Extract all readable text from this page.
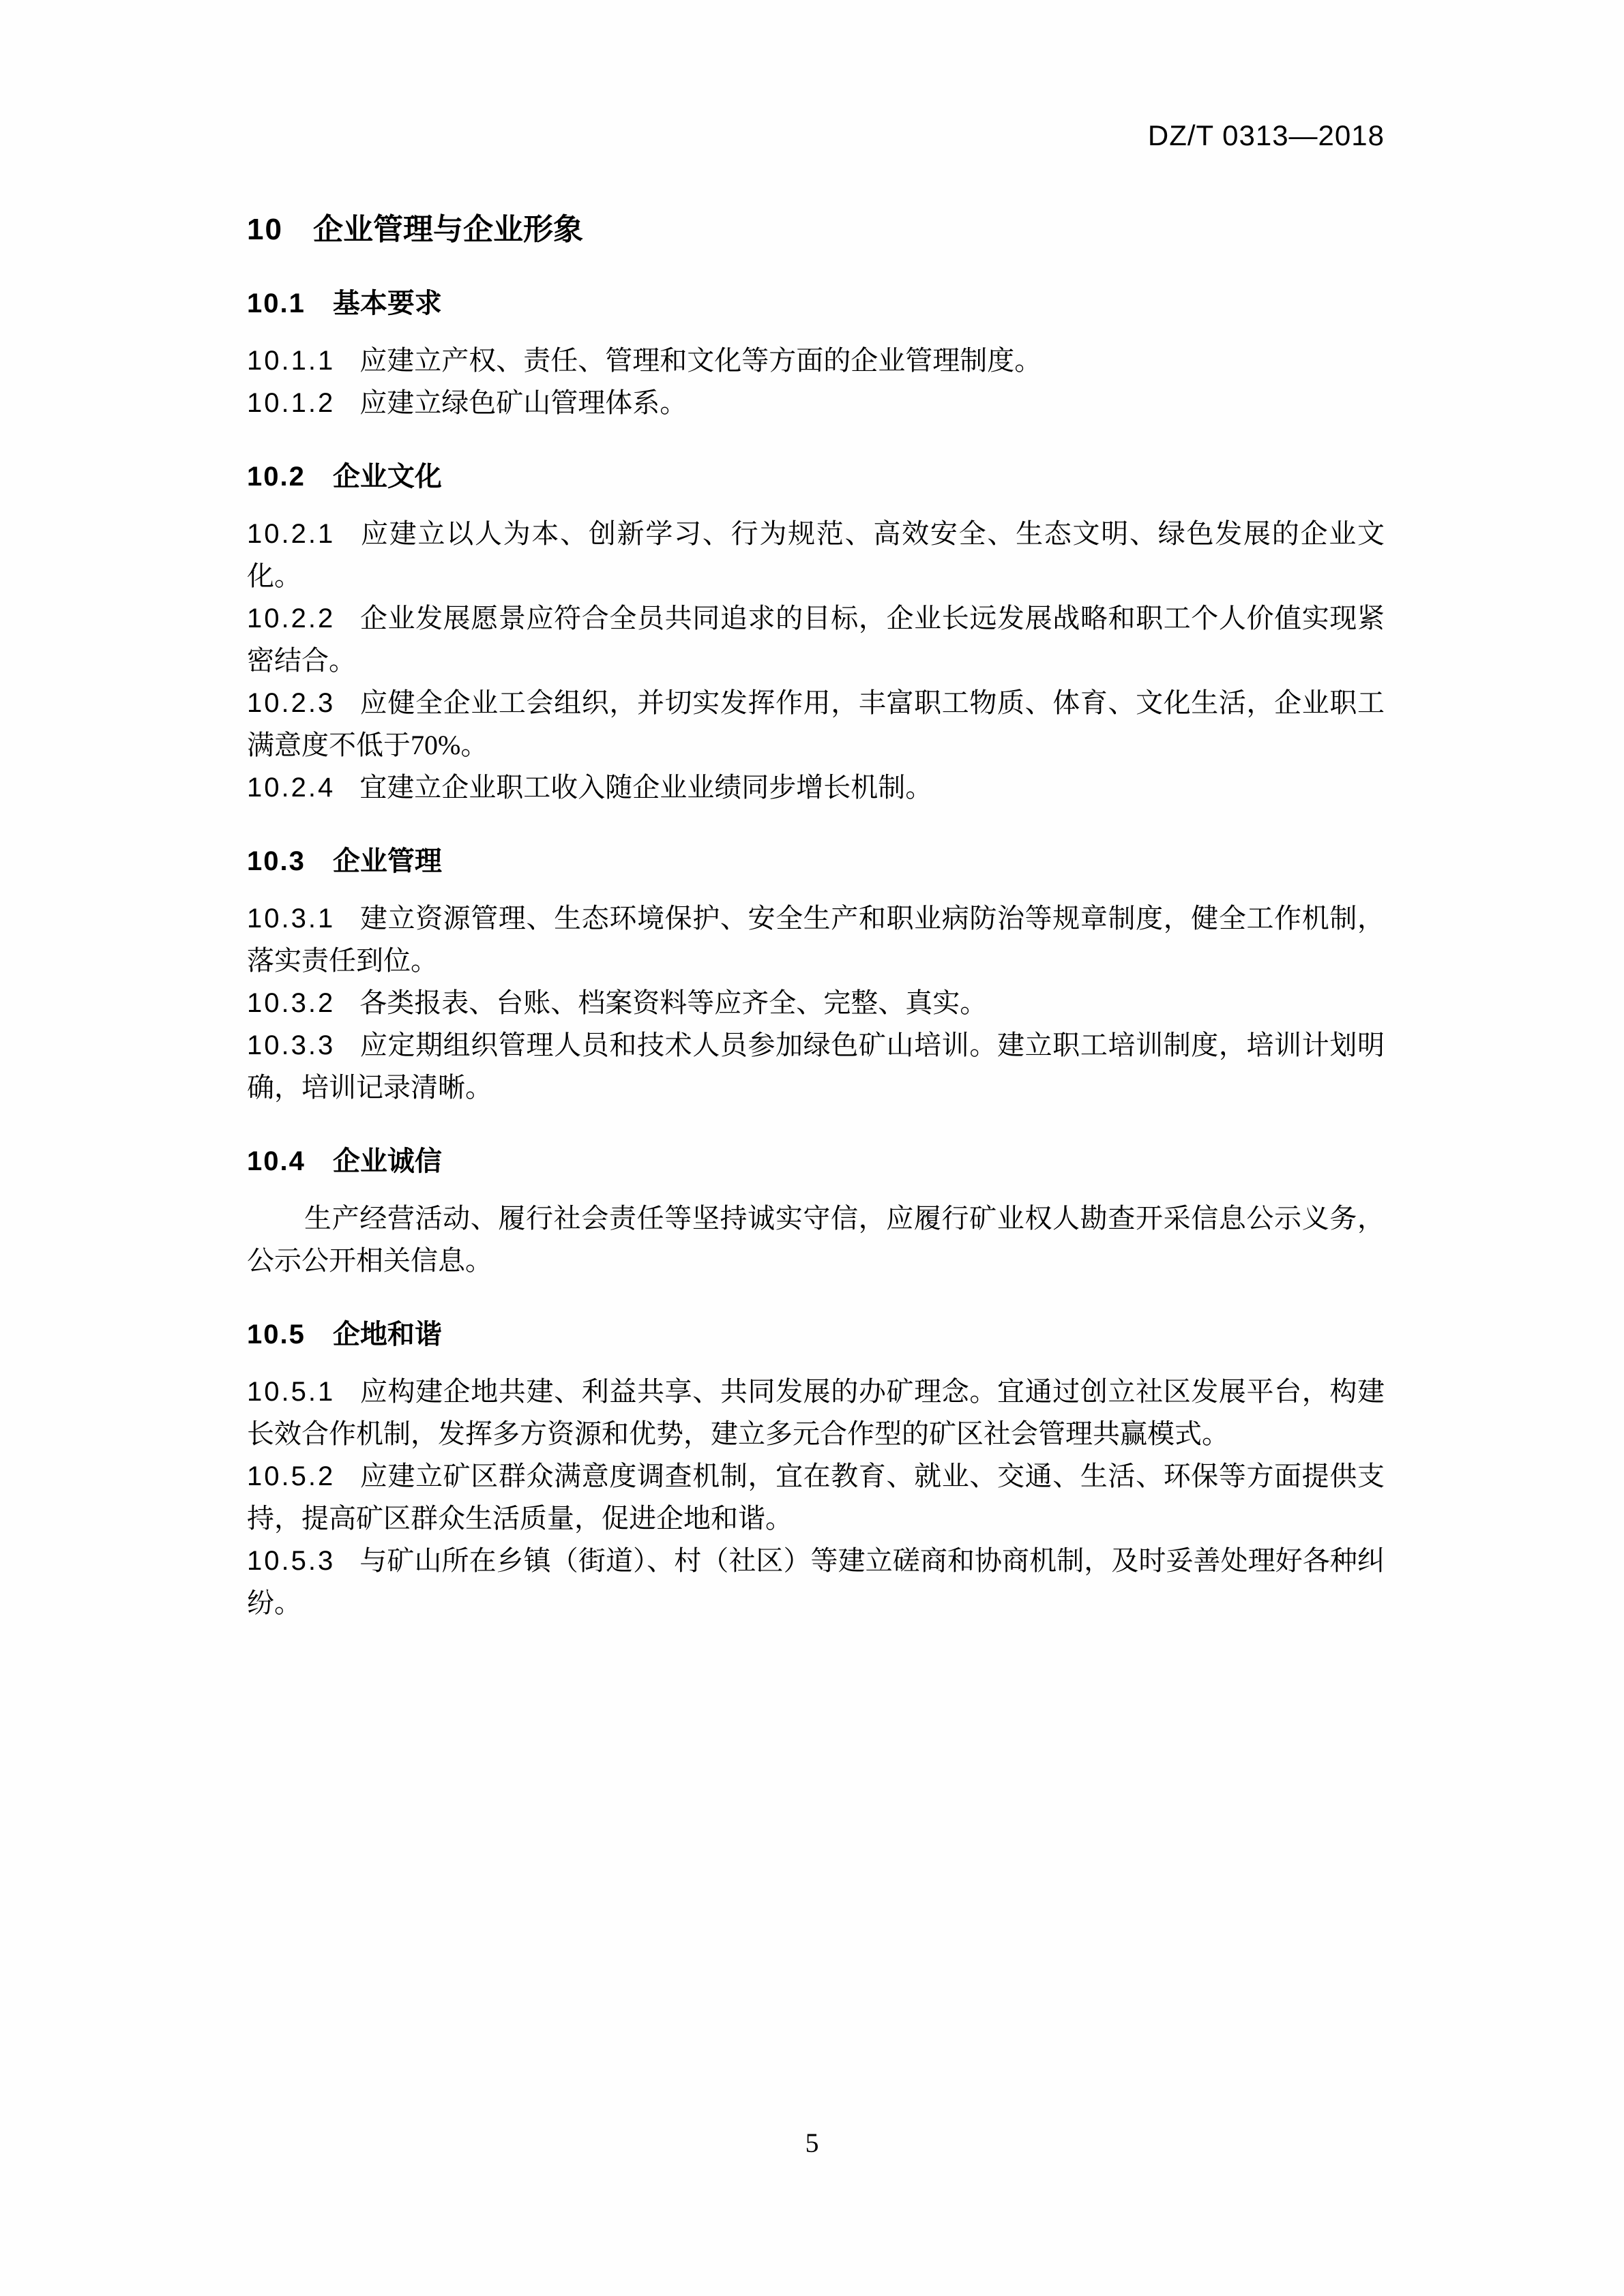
DZ/T 0313—2018
10 企业管理与企业形象
10.1 基本要求

10.1.1 应建立产权、责任、管理和文化等方面的企业管理制度。

10.1.2 应建立绿色矿山管理体系。

10.2 企业文化

10.2.1 应建立以人为本、创新学习、行为规范、高效安全、生态文明、绿色发展的企业文化。

10.2.2 企业发展愿景应符合全员共同追求的目标，企业长远发展战略和职工个人价值实现紧密结合。

10.2.3 应健全企业工会组织，并切实发挥作用，丰富职工物质、体育、文化生活，企业职工满意度不低于70%。

10.2.4 宜建立企业职工收入随企业业绩同步增长机制。

10.3 企业管理

10.3.1 建立资源管理、生态环境保护、安全生产和职业病防治等规章制度，健全工作机制，落实责任到位。

10.3.2 各类报表、台账、档案资料等应齐全、完整、真实。

10.3.3 应定期组织管理人员和技术人员参加绿色矿山培训。建立职工培训制度，培训计划明确，培训记录清晰。

10.4 企业诚信

生产经营活动、履行社会责任等坚持诚实守信，应履行矿业权人勘查开采信息公示义务，公示公开相关信息。

10.5 企地和谐

10.5.1 应构建企地共建、利益共享、共同发展的办矿理念。宜通过创立社区发展平台，构建长效合作机制，发挥多方资源和优势，建立多元合作型的矿区社会管理共赢模式。

10.5.2 应建立矿区群众满意度调查机制，宜在教育、就业、交通、生活、环保等方面提供支持，提高矿区群众生活质量，促进企地和谐。

10.5.3 与矿山所在乡镇（街道）、村（社区）等建立磋商和协商机制，及时妥善处理好各种纠纷。

5
